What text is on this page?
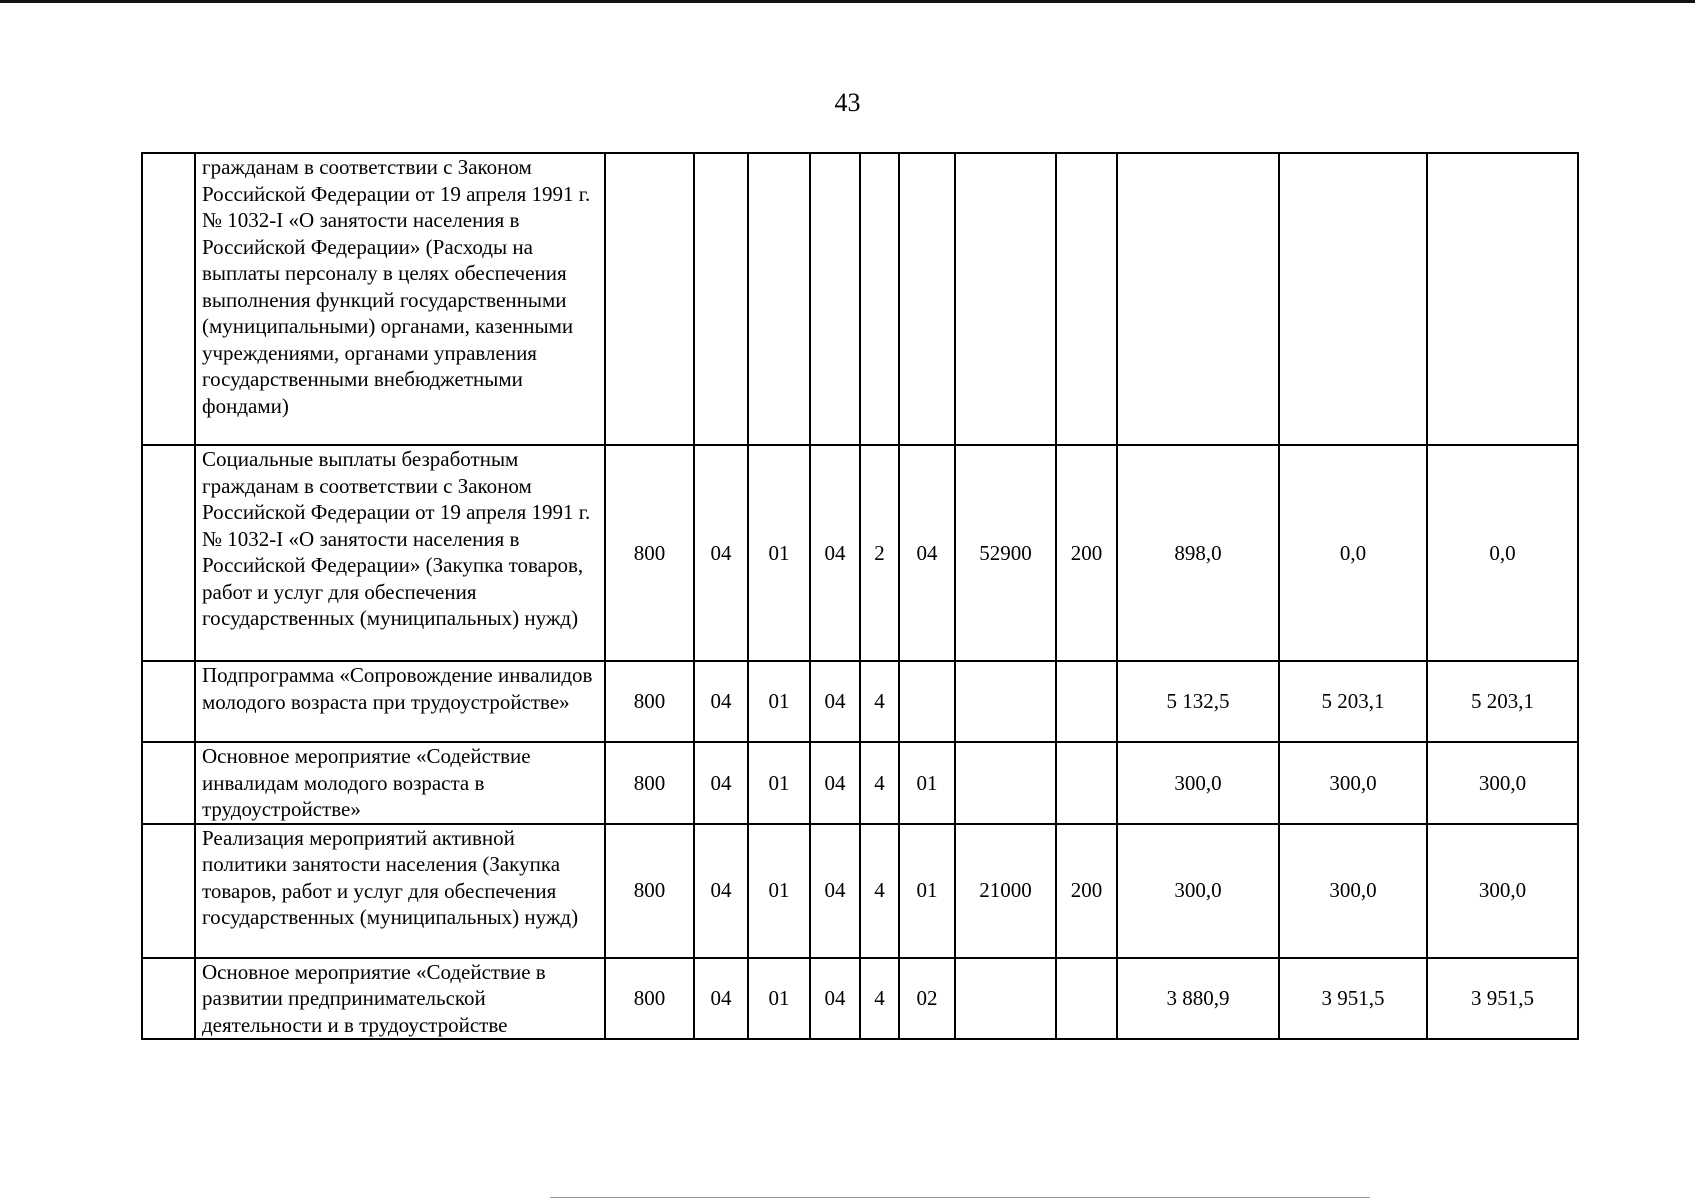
43
	гражданам в соответствии с Законом Российской Федерации от 19 апреля 1991 г. № 1032-I «О занятости населения в Российской Федерации» (Расходы на выплаты персоналу в целях обеспечения выполнения функций государственными (муниципальными) органами, казенными учреждениями, органами управления государственными внебюджетными фондами)											
	Социальные выплаты безработным гражданам в соответствии с Законом Российской Федерации от 19 апреля 1991 г. № 1032-I «О занятости населения в Российской Федерации» (Закупка товаров, работ и услуг для обеспечения государственных (муниципальных) нужд)	800	04	01	04	2	04	52900	200	898,0	0,0	0,0
	Подпрограмма «Сопровождение инвалидов молодого возраста при трудоустройстве»	800	04	01	04	4				5 132,5	5 203,1	5 203,1
	Основное мероприятие «Содействие инвалидам молодого возраста в трудоустройстве»	800	04	01	04	4	01			300,0	300,0	300,0
	Реализация мероприятий активной политики занятости населения (Закупка товаров, работ и услуг для обеспечения государственных (муниципальных) нужд)	800	04	01	04	4	01	21000	200	300,0	300,0	300,0
	Основное мероприятие «Содействие в развитии предпринимательской деятельности и в трудоустройстве	800	04	01	04	4	02			3 880,9	3 951,5	3 951,5
